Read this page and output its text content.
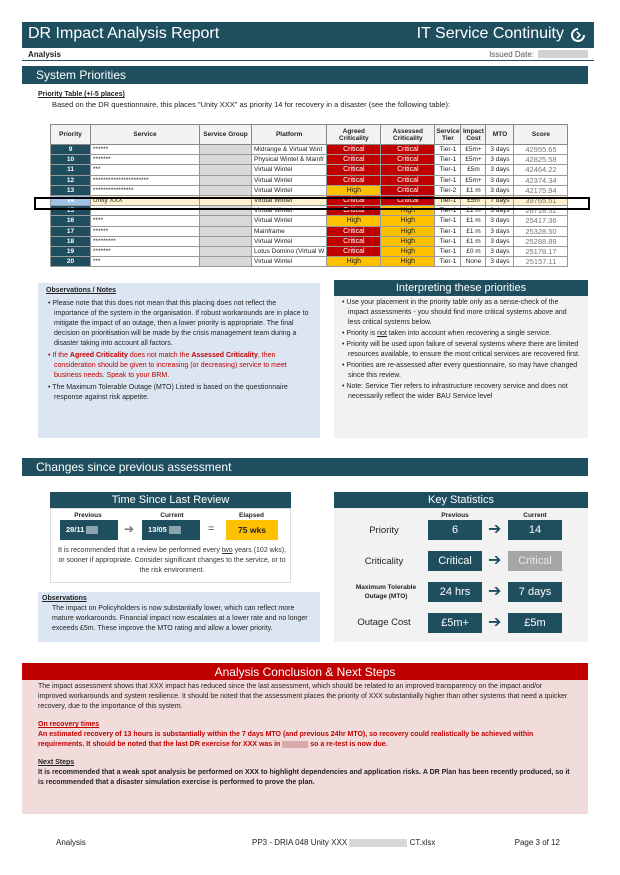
DR Impact Analysis Report	IT Service Continuity
Analysis	Issued Date:
System Priorities
Priority Table (+/-5 places)
Based on the DR questionnaire, this places "Unity XXX" as priority 14 for recovery in a disaster (see the following table):
Priority	Service	Service Group	Platform	Agreed Criticality	Assessed Criticality	Service Tier	Impact Cost	MTO	Score
9	******		Midrange & Virtual Wint	Critical	Critical	Tier-1	£5m+	3 days	42955.65
10	*******		Physical Wintel & Mainfr	Critical	Critical	Tier-1	£5m+	3 days	42825.58
11	***		Virtual Wintel	Critical	Critical	Tier-1	£5m	3 days	42464.22
12	**********************		Virtual Wintel	Critical	Critical	Tier-1	£5m+	3 days	42374.34
13	****************		Virtual Wintel	High	Critical	Tier-2	£1 m	3 days	42175.94
14	Unity XXX		Virtual Wintel	Critical	Critical	Tier-1	£5m	7 days	39765.51
15	*****		Virtual Wintel	Critical	High	Tier-1	£1 m	3 days	26718.52
16	****		Virtual Wintel	High	High	Tier-1	£1 m	3 days	25417.36
17	******		Mainframe	Critical	High	Tier-1	£1 m	3 days	25328.50
18	*********		Virtual Wintel	Critical	High	Tier-1	£1 m	3 days	25288.89
19	*******		Lotus Domino (Virtual W	Critical	High	Tier-1	£0 m	3 days	25178.17
20	***		Virtual Wintel	High	High	Tier-1	None	3 days	25157.11
Observations / Notes

• Please note that this does not mean that this placing does not reflect the importance of the system in the organisation. If robust workarounds are in place to mitigate the impact of an outage, then a lower priority is appropriate. The final decision on prioritisation will be made by the crisis management team during a disaster taking into account all factors.

• If the Agreed Criticality does not match the Assessed Criticality, then consideration should be given to increasing (or decreasing) service to meet business needs. Speak to your BRM.

• The Maximum Tolerable Outage (MTO) Listed is based on the questionnaire response against risk appetite.

Interpreting these priorities

• Use your placement in the priority table only as a sense-check of the impact assessments - you should find more critical systems above and less critical systems below.

• Priority is not taken into account when recovering a single service.

• Priority will be used upon failure of several systems where there are limited resources available, to ensure the most critical services are recovered first.

• Priorities are re-assessed after every questionnaire, so may have changed since this review.

• Note: Service Tier refers to infrastructure recovery service and does not necessarily reflect the wider BAU Service level

Changes since previous assessment
Time Since Last Review
Previous	Current	Elapsed
28/11	➔	13/05	=	75 wks
It is recommended that a review be performed every two years (102 wks), or sooner if appropriate. Consider significant changes to the service, or to the risk environment.
Observations
The impact on Policyholders is now substantially lower, which can reflect more mature workarounds. Financial impact now escalates at a lower rate and no longer exceeds £5m. These improve the MTO rating and allow a lower priority.
Key Statistics
Previous	Current
Priority	6	➔	14
Criticality	Critical	➔	Critical
Maximum Tolerable Outage (MTO)	24 hrs	➔	7 days
Outage Cost	£5m+	➔	£5m
Analysis Conclusion & Next Steps
The impact assessment shows that XXX impact has reduced since the last assessment, which should be related to an improved transparency on the impact and/or improved workarounds and system resilience. It should be noted that the assessment places the priority of XXX substantially higher than other systems that need a quicker recovery, due to the importance of this system.
On recovery times
An estimated recovery of 13 hours is substantially within the 7 days MTO (and previous 24hr MTO), so recovery could realistically be achieved within requirements. It should be noted that the last DR exercise for XXX was in	so a re-test is now due.
Next Steps
It is recommended that a weak spot analysis be performed on XXX to highlight dependencies and application risks. A DR Plan has been recently produced, so it is recommended that a disaster simulation exercise is performed to prove the plan.
Analysis	PP3 - DRIA 048 Unity XXX	CT.xlsx	Page 3 of 12
